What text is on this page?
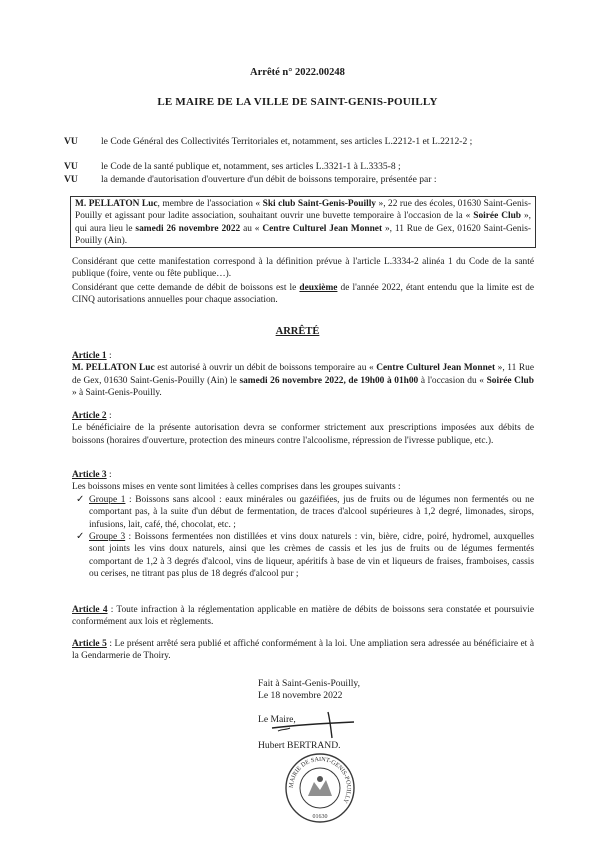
Arrêté n° 2022.00248
LE MAIRE DE LA VILLE DE SAINT-GENIS-POUILLY
VU le Code Général des Collectivités Territoriales et, notamment, ses articles L.2212-1 et L.2212-2 ;
VU le Code de la santé publique et, notamment, ses articles L.3321-1 à L.3335-8 ;
VU la demande d'autorisation d'ouverture d'un débit de boissons temporaire, présentée par :
M. PELLATON Luc, membre de l'association « Ski club Saint-Genis-Pouilly », 22 rue des écoles, 01630 Saint-Genis-Pouilly et agissant pour ladite association, souhaitant ouvrir une buvette temporaire à l'occasion de la « Soirée Club », qui aura lieu le samedi 26 novembre 2022 au « Centre Culturel Jean Monnet », 11 Rue de Gex, 01620 Saint-Genis-Pouilly (Ain).
Considérant que cette manifestation correspond à la définition prévue à l'article L.3334-2 alinéa 1 du Code de la santé publique (foire, vente ou fête publique…).
Considérant que cette demande de débit de boissons est le deuxième de l'année 2022, étant entendu que la limite est de CINQ autorisations annuelles pour chaque association.
ARRÊTÉ
Article 1 :
M. PELLATON Luc est autorisé à ouvrir un débit de boissons temporaire au « Centre Culturel Jean Monnet », 11 Rue de Gex, 01630 Saint-Genis-Pouilly (Ain) le samedi 26 novembre 2022, de 19h00 à 01h00 à l'occasion du « Soirée Club » à Saint-Genis-Pouilly.
Article 2 :
Le bénéficiaire de la présente autorisation devra se conformer strictement aux prescriptions imposées aux débits de boissons (horaires d'ouverture, protection des mineurs contre l'alcoolisme, répression de l'ivresse publique, etc.).
Article 3 :
Les boissons mises en vente sont limitées à celles comprises dans les groupes suivants :
✓ Groupe 1 : Boissons sans alcool : eaux minérales ou gazéifiées, jus de fruits ou de légumes non fermentés ou ne comportant pas, à la suite d'un début de fermentation, de traces d'alcool supérieures à 1,2 degré, limonades, sirops, infusions, lait, café, thé, chocolat, etc. ;
✓ Groupe 3 : Boissons fermentées non distillées et vins doux naturels : vin, bière, cidre, poiré, hydromel, auxquelles sont joints les vins doux naturels, ainsi que les crèmes de cassis et les jus de fruits ou de légumes fermentés comportant de 1,2 à 3 degrés d'alcool, vins de liqueur, apéritifs à base de vin et liqueurs de fraises, framboises, cassis ou cerises, ne titrant pas plus de 18 degrés d'alcool pur ;
Article 4 : Toute infraction à la réglementation applicable en matière de débits de boissons sera constatée et poursuivie conformément aux lois et règlements.
Article 5 : Le présent arrêté sera publié et affiché conformément à la loi. Une ampliation sera adressée au bénéficiaire et à la Gendarmerie de Thoiry.
Fait à Saint-Genis-Pouilly,
Le 18 novembre 2022
Le Maire,
Hubert BERTRAND.
MAIRIE DE SAINT-GENIS-POUILLY
01630
